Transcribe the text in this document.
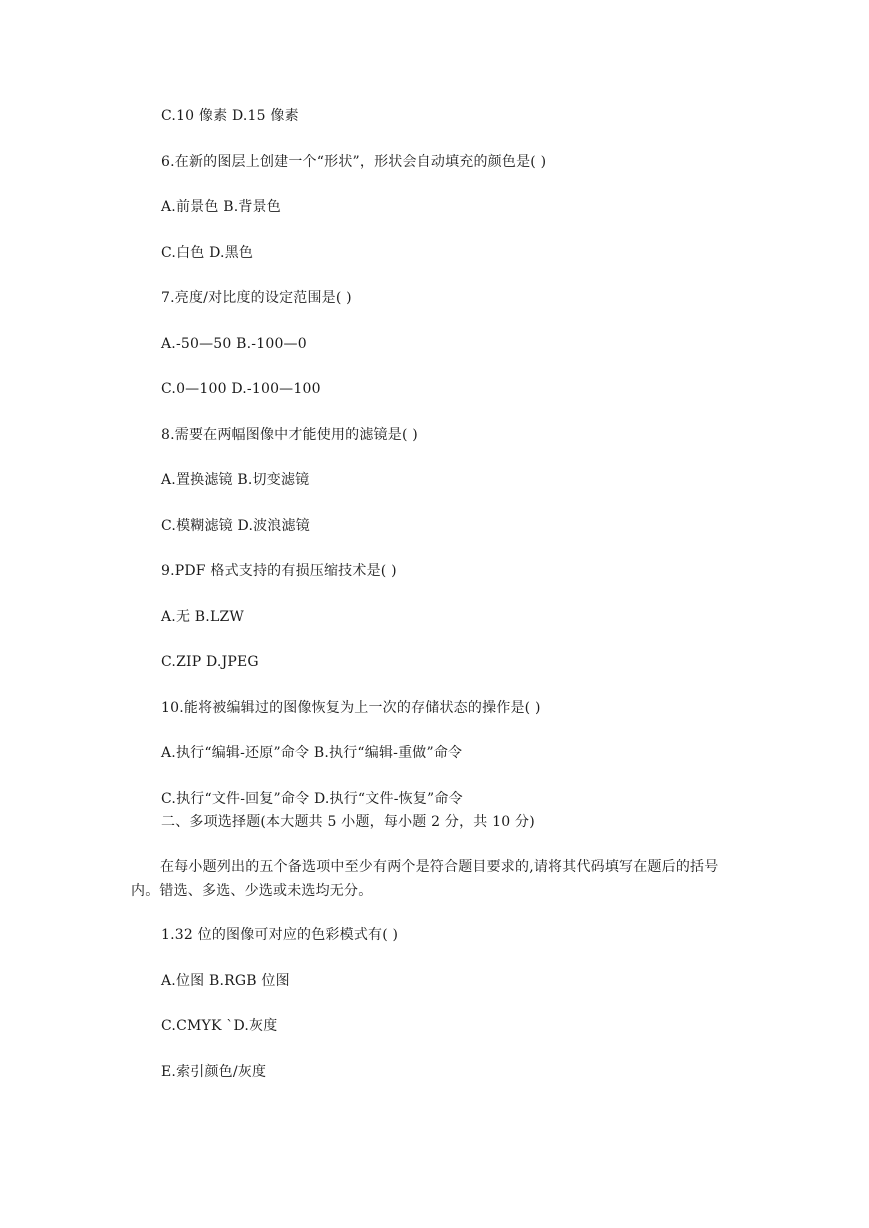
C.10 像素 D.15 像素
6.在新的图层上创建一个“形状”，形状会自动填充的颜色是( )
A.前景色 B.背景色
C.白色 D.黑色
7.亮度/对比度的设定范围是( )
A.-50—50 B.-100—0
C.0—100 D.-100—100
8.需要在两幅图像中才能使用的滤镜是( )
A.置换滤镜 B.切变滤镜
C.模糊滤镜 D.波浪滤镜
9.PDF 格式支持的有损压缩技术是( )
A.无 B.LZW
C.ZIP D.JPEG
10.能将被编辑过的图像恢复为上一次的存储状态的操作是( )
A.执行“编辑-还原”命令 B.执行“编辑-重做”命令
C.执行“文件-回复”命令 D.执行“文件-恢复”命令
二、多项选择题(本大题共 5 小题，每小题 2 分，共 10 分)
在每小题列出的五个备选项中至少有两个是符合题目要求的,请将其代码填写在题后的括号内。错选、多选、少选或未选均无分。
1.32 位的图像可对应的色彩模式有( )
A.位图 B.RGB 位图
C.CMYK `D.灰度
E.索引颜色/灰度
